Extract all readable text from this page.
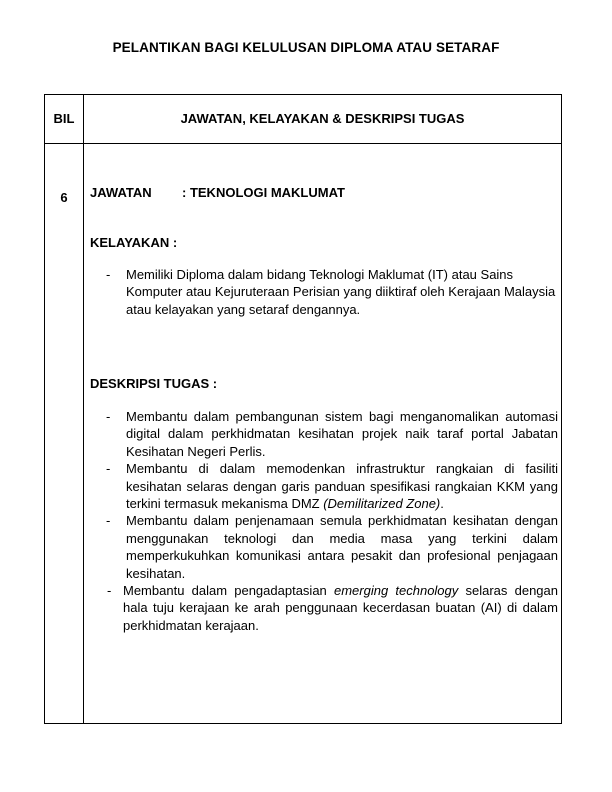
PELANTIKAN BAGI KELULUSAN DIPLOMA ATAU SETARAF
BIL	JAWATAN, KELAYAKAN & DESKRIPSI TUGAS
6	JAWATAN : TEKNOLOGI MAKLUMAT
KELAYAKAN :
- Memiliki Diploma dalam bidang Teknologi Maklumat (IT) atau Sains Komputer atau Kejuruteraan Perisian yang diiktiraf oleh Kerajaan Malaysia atau kelayakan yang setaraf dengannya.
DESKRIPSI TUGAS :
- Membantu dalam pembangunan sistem bagi menganomalikan automasi digital dalam perkhidmatan kesihatan projek naik taraf portal Jabatan Kesihatan Negeri Perlis.
- Membantu di dalam memodenkan infrastruktur rangkaian di fasiliti kesihatan selaras dengan garis panduan spesifikasi rangkaian KKM yang terkini termasuk mekanisma DMZ (Demilitarized Zone).
- Membantu dalam penjenamaan semula perkhidmatan kesihatan dengan menggunakan teknologi dan media masa yang terkini dalam memperkukuhkan komunikasi antara pesakit dan profesional penjagaan kesihatan.
- Membantu dalam pengadaptasian emerging technology selaras dengan hala tuju kerajaan ke arah penggunaan kecerdasan buatan (AI) di dalam perkhidmatan kerajaan.
